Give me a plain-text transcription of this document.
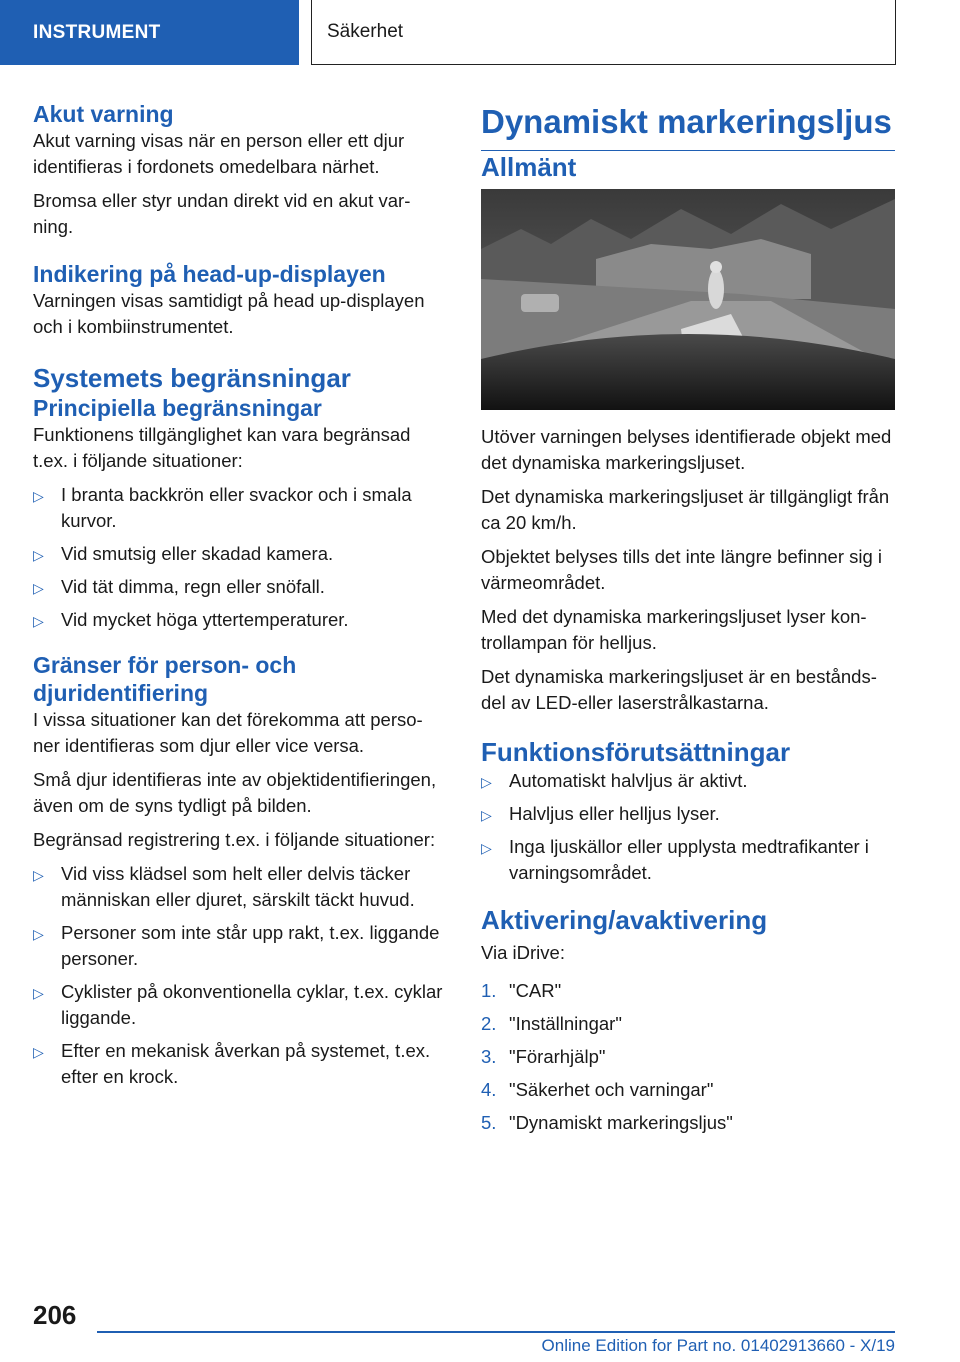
INSTRUMENT	Säkerhet
Akut varning

Akut varning visas när en person eller ett djur identifieras i fordonets omedelbara närhet.

Bromsa eller styr undan direkt vid en akut var- ning.

Indikering på head-up-displayen

Varningen visas samtidigt på head up-displayen och i kombiinstrumentet.

Systemets begränsningar
Principiella begränsningar

Funktionens tillgänglighet kan vara begränsad t.ex. i följande situationer:

▷ I branta backkrön eller svackor och i smala kurvor.
▷ Vid smutsig eller skadad kamera.
▷ Vid tät dimma, regn eller snöfall.
▷ Vid mycket höga yttertemperaturer.
Gränser för person- och djuridentifiering

I vissa situationer kan det förekomma att perso- ner identifieras som djur eller vice versa.

Små djur identifieras inte av objektidentifieringen, även om de syns tydligt på bilden.

Begränsad registrering t.ex. i följande situationer:

▷ Vid viss klädsel som helt eller delvis täcker människan eller djuret, särskilt täckt huvud.
▷ Personer som inte står upp rakt, t.ex. liggande personer.
▷ Cyklister på okonventionella cyklar, t.ex. cyklar liggande.
▷ Efter en mekanisk åverkan på systemet, t.ex. efter en krock.
Dynamiskt markeringsljus
Allmänt

Utöver varningen belyses identifierade objekt med det dynamiska markeringsljuset.

Det dynamiska markeringsljuset är tillgängligt från ca 20 km/h.

Objektet belyses tills det inte längre befinner sig i värmeområdet.

Med det dynamiska markeringsljuset lyser kon- trollampan för helljus.

Det dynamiska markeringsljuset är en bestånds- del av LED-eller laserstrålkastarna.

Funktionsförutsättningar
▷ Automatiskt halvljus är aktivt.
▷ Halvljus eller helljus lyser.
▷ Inga ljuskällor eller upplysta medtrafikanter i varningsområdet.
Aktivering/avaktivering

Via iDrive:

1. "CAR"
2. "Inställningar"
3. "Förarhjälp"
4. "Säkerhet och varningar"
5. "Dynamiskt markeringsljus"
206
Online Edition for Part no. 01402913660 - X/19
